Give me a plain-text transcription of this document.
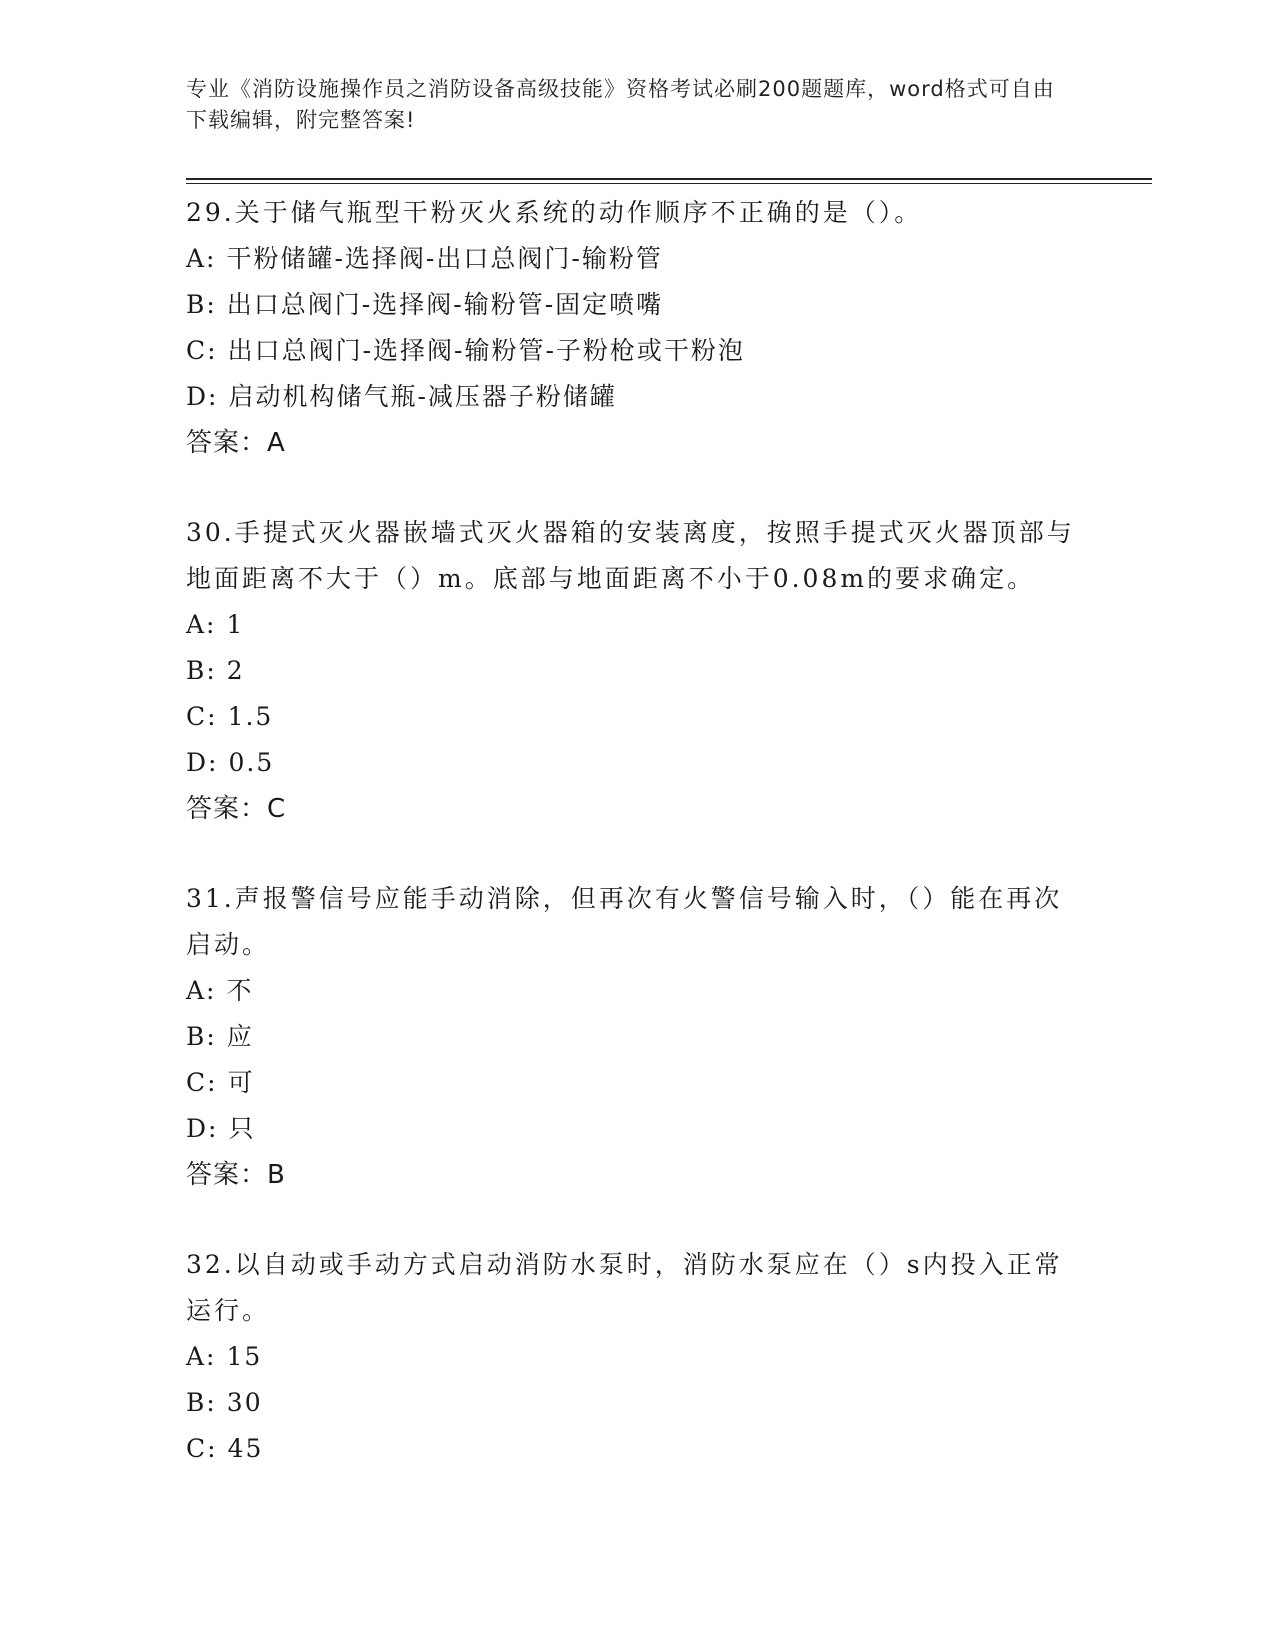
专业《消防设施操作员之消防设备高级技能》资格考试必刷200题题库，word格式可自由下载编辑，附完整答案!

29.关于储气瓶型干粉灭火系统的动作顺序不正确的是（）。

A: 干粉储罐-选择阀-出口总阀门-输粉管

B: 出口总阀门-选择阀-输粉管-固定喷嘴

C: 出口总阀门-选择阀-输粉管-子粉枪或干粉泡

D: 启动机构储气瓶-减压器子粉储罐

答案：A

30.手提式灭火器嵌墙式灭火器箱的安装离度，按照手提式灭火器顶部与地面距离不大于（）m。底部与地面距离不小于0.08m的要求确定。

A: 1

B: 2

C: 1.5

D: 0.5

答案：C

31.声报警信号应能手动消除，但再次有火警信号输入时，（）能在再次启动。

A: 不

B: 应

C: 可

D: 只

答案：B

32.以自动或手动方式启动消防水泵时，消防水泵应在（）s内投入正常运行。

A: 15

B: 30

C: 45
